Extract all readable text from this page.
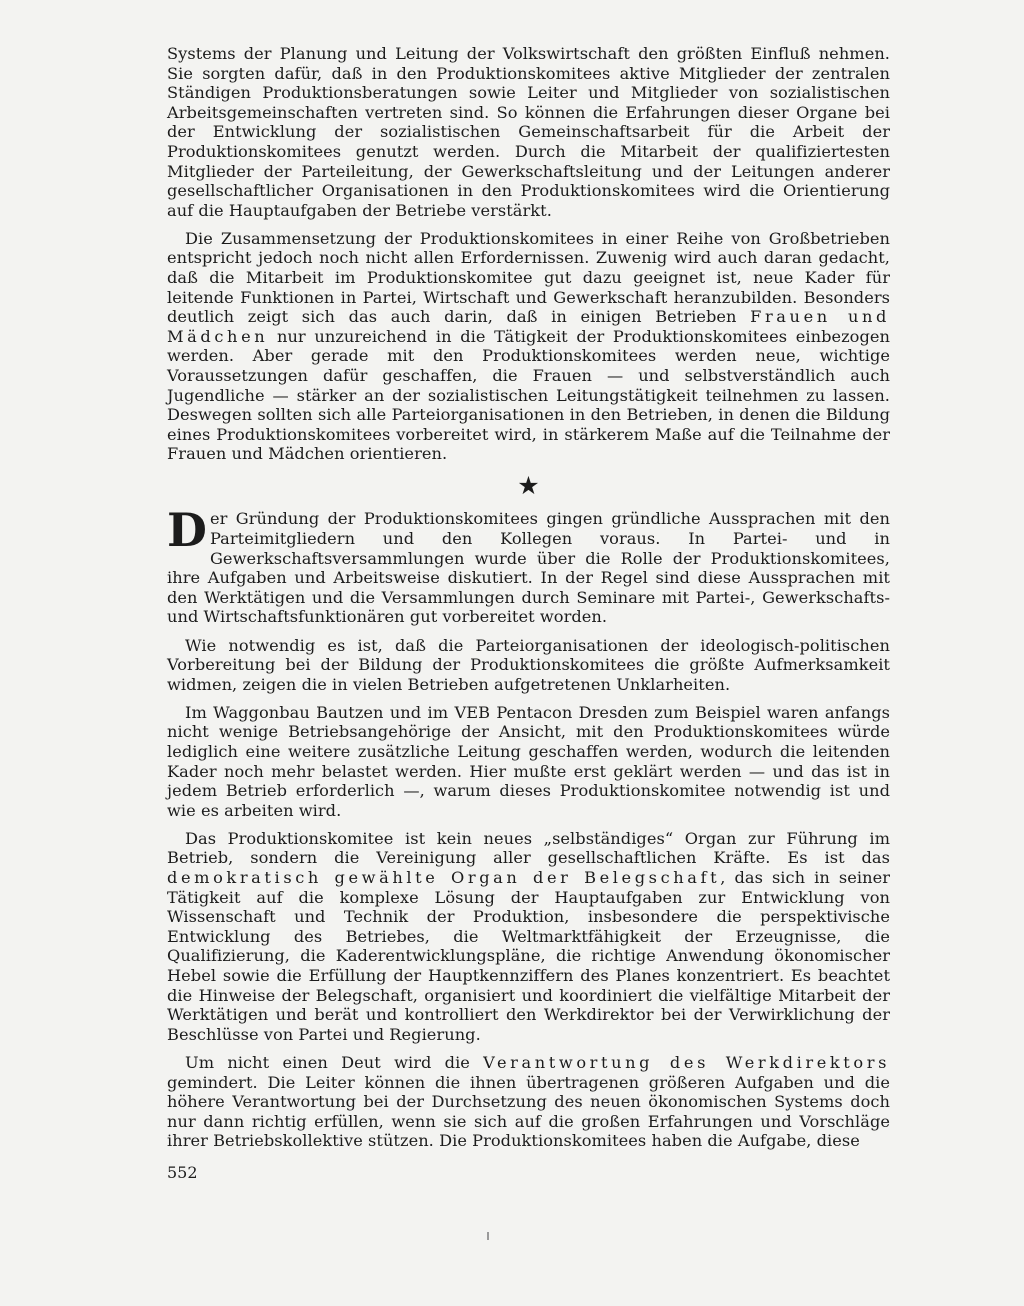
Systems der Planung und Leitung der Volkswirtschaft den größten Einfluß nehmen. Sie sorgten dafür, daß in den Produktionskomitees aktive Mitglieder der zentralen Ständigen Produktionsberatungen sowie Leiter und Mitglieder von sozialistischen Arbeitsgemeinschaften vertreten sind. So können die Erfahrungen dieser Organe bei der Entwicklung der sozialistischen Gemeinschaftsarbeit für die Arbeit der Produktionskomitees genutzt werden. Durch die Mitarbeit der qualifiziertesten Mitglieder der Parteileitung, der Gewerkschaftsleitung und der Leitungen anderer gesellschaftlicher Organisationen in den Produktionskomitees wird die Orientierung auf die Hauptaufgaben der Betriebe verstärkt.

Die Zusammensetzung der Produktionskomitees in einer Reihe von Großbetrieben entspricht jedoch noch nicht allen Erfordernissen. Zuwenig wird auch daran gedacht, daß die Mitarbeit im Produktionskomitee gut dazu geeignet ist, neue Kader für leitende Funktionen in Partei, Wirtschaft und Gewerkschaft heranzubilden. Besonders deutlich zeigt sich das auch darin, daß in einigen Betrieben Frauen und Mädchen nur unzureichend in die Tätigkeit der Produktionskomitees einbezogen werden. Aber gerade mit den Produktionskomitees werden neue, wichtige Voraussetzungen dafür geschaffen, die Frauen — und selbstverständlich auch Jugendliche — stärker an der sozialistischen Leitungstätigkeit teilnehmen zu lassen. Deswegen sollten sich alle Parteiorganisationen in den Betrieben, in denen die Bildung eines Produktionskomitees vorbereitet wird, in stärkerem Maße auf die Teilnahme der Frauen und Mädchen orientieren.

★

Der Gründung der Produktionskomitees gingen gründliche Aussprachen mit den Parteimitgliedern und den Kollegen voraus. In Partei- und in Gewerkschaftsversammlungen wurde über die Rolle der Produktionskomitees, ihre Aufgaben und Arbeitsweise diskutiert. In der Regel sind diese Aussprachen mit den Werktätigen und die Versammlungen durch Seminare mit Partei-, Gewerkschafts- und Wirtschaftsfunktionären gut vorbereitet worden.

Wie notwendig es ist, daß die Parteiorganisationen der ideologisch-politischen Vorbereitung bei der Bildung der Produktionskomitees die größte Aufmerksamkeit widmen, zeigen die in vielen Betrieben aufgetretenen Unklarheiten.

Im Waggonbau Bautzen und im VEB Pentacon Dresden zum Beispiel waren anfangs nicht wenige Betriebsangehörige der Ansicht, mit den Produktionskomitees würde lediglich eine weitere zusätzliche Leitung geschaffen werden, wodurch die leitenden Kader noch mehr belastet werden. Hier mußte erst geklärt werden — und das ist in jedem Betrieb erforderlich —, warum dieses Produktionskomitee notwendig ist und wie es arbeiten wird.

Das Produktionskomitee ist kein neues „selbständiges“ Organ zur Führung im Betrieb, sondern die Vereinigung aller gesellschaftlichen Kräfte. Es ist das demokratisch gewählte Organ der Belegschaft, das sich in seiner Tätigkeit auf die komplexe Lösung der Hauptaufgaben zur Entwicklung von Wissenschaft und Technik der Produktion, insbesondere die perspektivische Entwicklung des Betriebes, die Weltmarktfähigkeit der Erzeugnisse, die Qualifizierung, die Kaderentwicklungspläne, die richtige Anwendung ökonomischer Hebel sowie die Erfüllung der Hauptkennziffern des Planes konzentriert. Es beachtet die Hinweise der Belegschaft, organisiert und koordiniert die vielfältige Mitarbeit der Werktätigen und berät und kontrolliert den Werkdirektor bei der Verwirklichung der Beschlüsse von Partei und Regierung.

Um nicht einen Deut wird die Verantwortung des Werkdirektors gemindert. Die Leiter können die ihnen übertragenen größeren Aufgaben und die höhere Verantwortung bei der Durchsetzung des neuen ökonomischen Systems doch nur dann richtig erfüllen, wenn sie sich auf die großen Erfahrungen und Vorschläge ihrer Betriebskollektive stützen. Die Produktionskomitees haben die Aufgabe, diese

552
